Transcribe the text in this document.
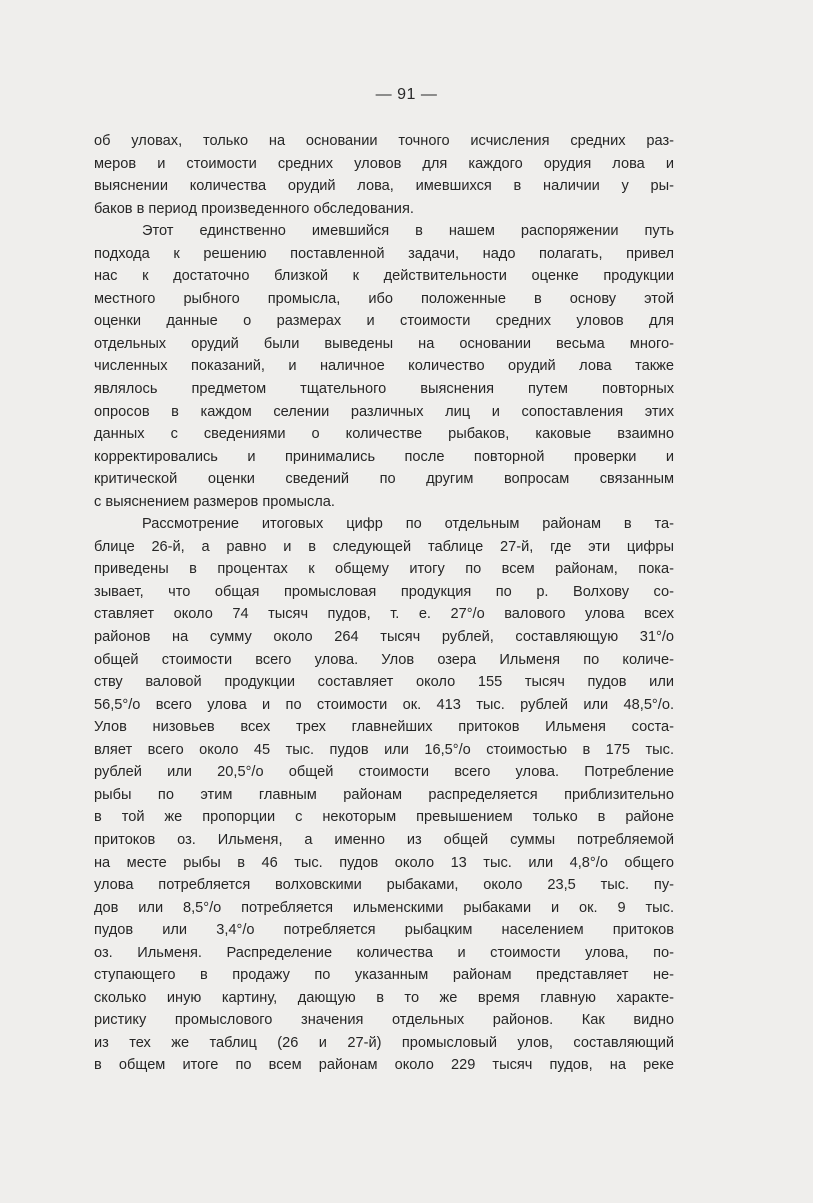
— 91 —
об уловах, только на основании точного исчисления средних раз-
меров и стоимости средних уловов для каждого орудия лова и
выяснении количества орудий лова, имевшихся в наличии у ры-
баков в период произведенного обследования.
Этот единственно имевшийся в нашем распоряжении путь
подхода к решению поставленной задачи, надо полагать, привел
нас к достаточно близкой к действительности оценке продукции
местного рыбного промысла, ибо положенные в основу этой
оценки данные о размерах и стоимости средних уловов для
отдельных орудий были выведены на основании весьма много-
численных показаний, и наличное количество орудий лова также
являлось предметом тщательного выяснения путем повторных
опросов в каждом селении различных лиц и сопоставления этих
данных с сведениями о количестве рыбаков, каковые взаимно
корректировались и принимались после повторной проверки и
критической оценки сведений по другим вопросам связанным
с выяснением размеров промысла.
Рассмотрение итоговых цифр по отдельным районам в та-
блице 26-й, а равно и в следующей таблице 27-й, где эти цифры
приведены в процентах к общему итогу по всем районам, пока-
зывает, что общая промысловая продукция по р. Волхову со-
ставляет около 74 тысяч пудов, т. е. 27°/о валового улова всех
районов на сумму около 264 тысяч рублей, составляющую 31°/о
общей стоимости всего улова. Улов озера Ильменя по количе-
ству валовой продукции составляет около 155 тысяч пудов или
56,5°/о всего улова и по стоимости ок. 413 тыс. рублей или 48,5°/о.
Улов низовьев всех трех главнейших притоков Ильменя соста-
вляет всего около 45 тыс. пудов или 16,5°/о стоимостью в 175 тыс.
рублей или 20,5°/о общей стоимости всего улова. Потребление
рыбы по этим главным районам распределяется приблизительно
в той же пропорции с некоторым превышением только в районе
притоков оз. Ильменя, а именно из общей суммы потребляемой
на месте рыбы в 46 тыс. пудов около 13 тыс. или 4,8°/о общего
улова потребляется волховскими рыбаками, около 23,5 тыс. пу-
дов или 8,5°/о потребляется ильменскими рыбаками и ок. 9 тыс.
пудов или 3,4°/о потребляется рыбацким населением притоков
оз. Ильменя. Распределение количества и стоимости улова, по-
ступающего в продажу по указанным районам представляет не-
сколько иную картину, дающую в то же время главную характе-
ристику промыслового значения отдельных районов. Как видно
из тех же таблиц (26 и 27-й) промысловый улов, составляющий
в общем итоге по всем районам около 229 тысяч пудов, на реке
